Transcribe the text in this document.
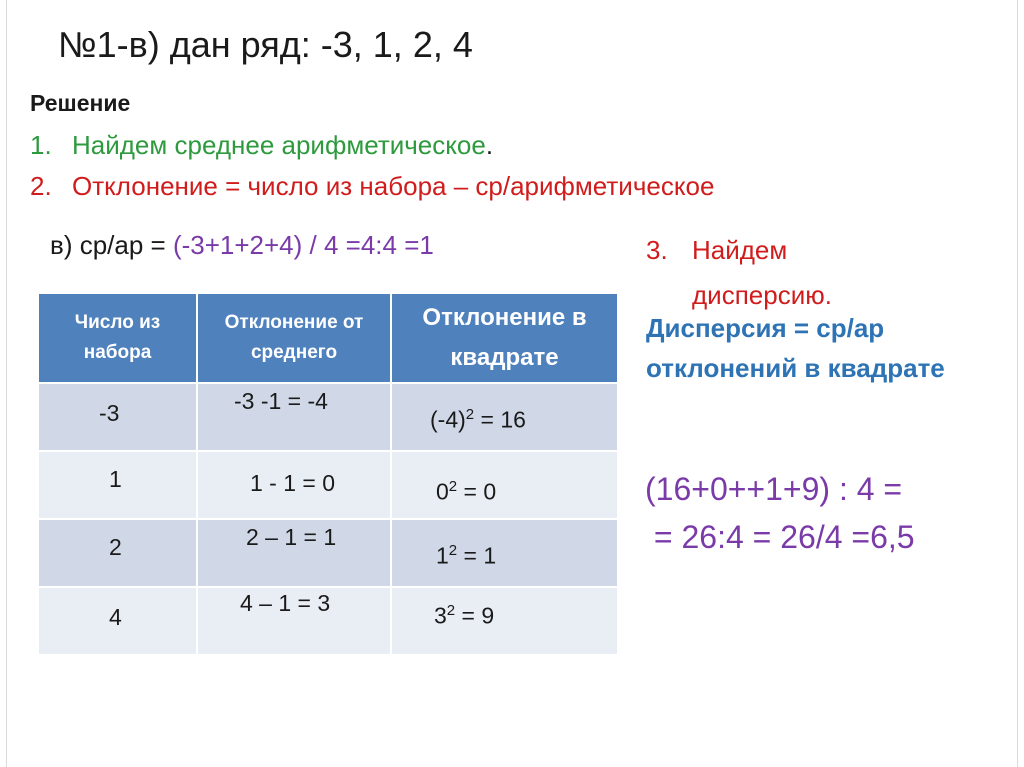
№1-в) дан ряд: -3, 1, 2, 4
Решение
1. Найдем среднее арифметическое.
2. Отклонение = число из набора – ср/арифметическое
в) ср/ар = (-3+1+2+4) / 4 =4:4 =1
Число из набора	Отклонение от среднего	Отклонение в квадрате

-3	-3 -1 = -4	$(-4)^2 = 16$

1	1 - 1 = 0	$0^2 = 0$

2	2 – 1 = 1	$1^2 = 1$

4	4 – 1 = 3	$3^2 = 9$
3. Найдем
дисперсию.
Дисперсия = ср/ар отклонений в квадрате
(16+0++1+9) : 4 =
= 26:4 = 26/4 =6,5
